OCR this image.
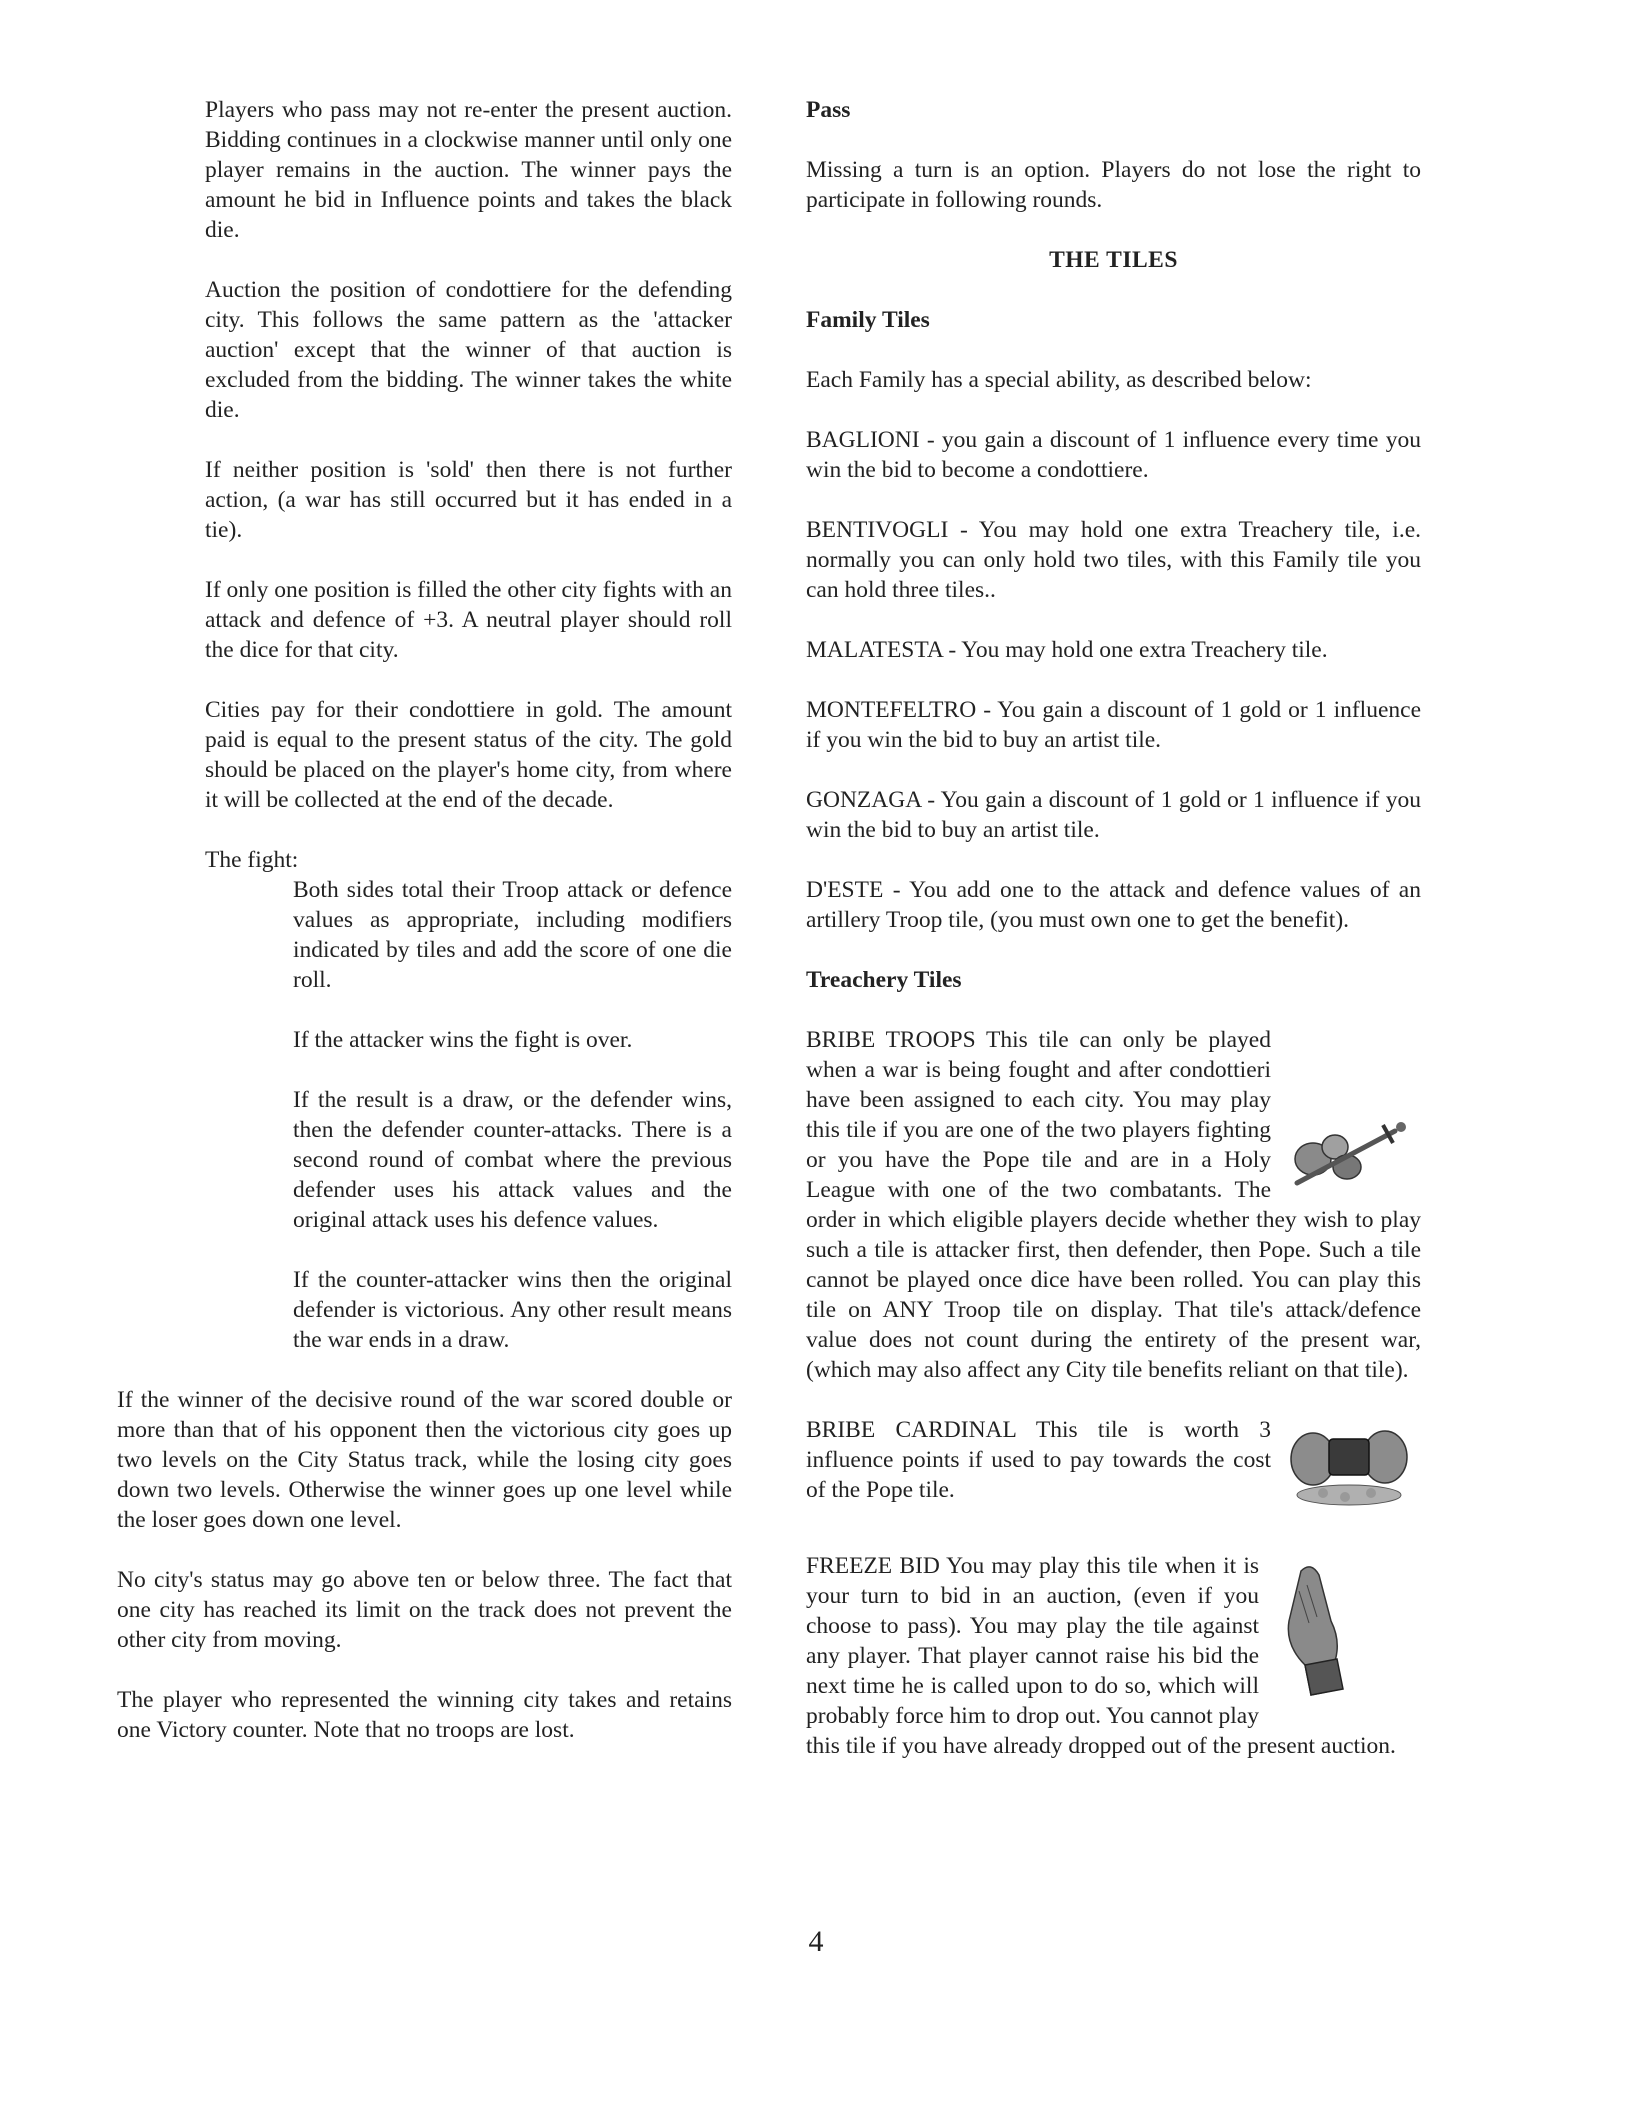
Players who pass may not re-enter the present auction. Bidding continues in a clockwise manner until only one player remains in the auction. The winner pays the amount he bid in Influence points and takes the black die.

Auction the position of condottiere for the defending city. This follows the same pattern as the 'attacker auction' except that the winner of that auction is excluded from the bidding. The winner takes the white die.

If neither position is 'sold' then there is not further action, (a war has still occurred but it has ended in a tie).

If only one position is filled the other city fights with an attack and defence of +3. A neutral player should roll the dice for that city.

Cities pay for their condottiere in gold. The amount paid is equal to the present status of the city. The gold should be placed on the player's home city, from where it will be collected at the end of the decade.

The fight:

Both sides total their Troop attack or defence values as appropriate, including modifiers indicated by tiles and add the score of one die roll.

If the attacker wins the fight is over.

If the result is a draw, or the defender wins, then the defender counter-attacks. There is a second round of combat where the previous defender uses his attack values and the original attack uses his defence values.

If the counter-attacker wins then the original defender is victorious. Any other result means the war ends in a draw.

If the winner of the decisive round of the war scored double or more than that of his opponent then the victorious city goes up two levels on the City Status track, while the losing city goes down two levels. Otherwise the winner goes up one level while the loser goes down one level.

No city's status may go above ten or below three. The fact that one city has reached its limit on the track does not prevent the other city from moving.

The player who represented the winning city takes and retains one Victory counter. Note that no troops are lost.

Pass

Missing a turn is an option. Players do not lose the right to participate in following rounds.

THE TILES
Family Tiles

Each Family has a special ability, as described below:

BAGLIONI - you gain a discount of 1 influence every time you win the bid to become a condottiere.

BENTIVOGLI - You may hold one extra Treachery tile, i.e. normally you can only hold two tiles, with this Family tile you can hold three tiles..

MALATESTA - You may hold one extra Treachery tile.

MONTEFELTRO - You gain a discount of 1 gold or 1 influence if you win the bid to buy an artist tile.

GONZAGA - You gain a discount of 1 gold or 1 influence if you win the bid to buy an artist tile.

D'ESTE - You add one to the attack and defence values of an artillery Troop tile, (you must own one to get the benefit).

Treachery Tiles

BRIBE TROOPS This tile can only be played when a war is being fought and after condottieri have been assigned to each city. You may play this tile if you are one of the two players fighting or you have the Pope tile and are in a Holy League with one of the two combatants. The order in which eligible players decide whether they wish to play such a tile is attacker first, then defender, then Pope. Such a tile cannot be played once dice have been rolled. You can play this tile on ANY Troop tile on display. That tile's attack/defence value does not count during the entirety of the present war, (which may also affect any City tile benefits reliant on that tile).

BRIBE CARDINAL This tile is worth 3 influence points if used to pay towards the cost of the Pope tile.

FREEZE BID You may play this tile when it is your turn to bid in an auction, (even if you choose to pass). You may play the tile against any player. That player cannot raise his bid the next time he is called upon to do so, which will probably force him to drop out. You cannot play this tile if you have already dropped out of the present auction.

4
